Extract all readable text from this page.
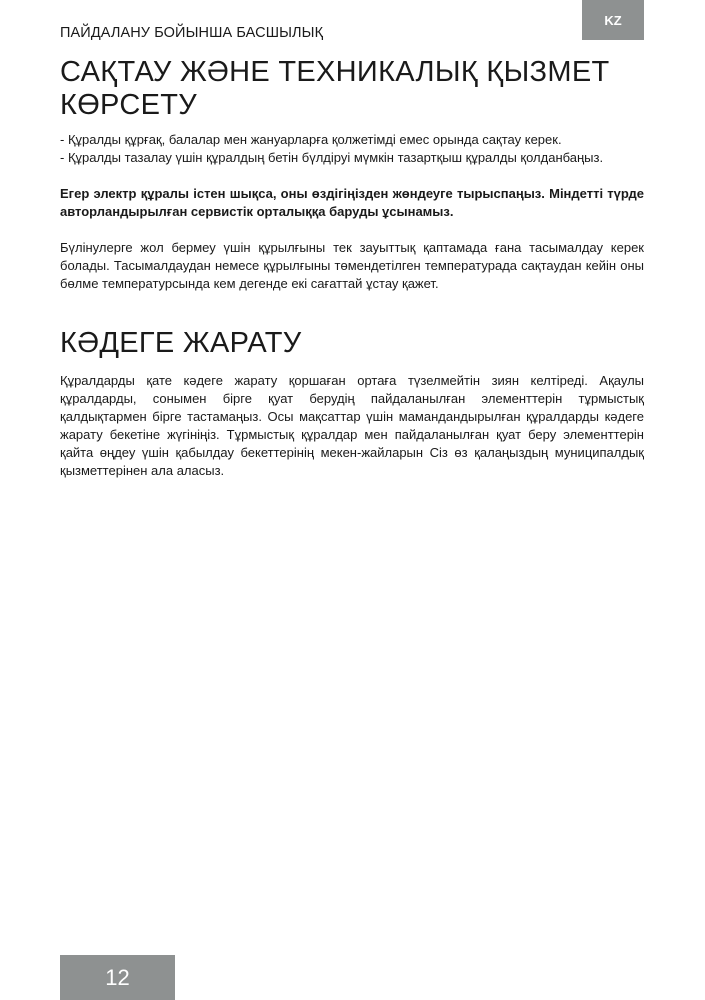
ПАЙДАЛАНУ БОЙЫНША БАСШЫЛЫҚ
KZ
САҚТАУ ЖӘНЕ ТЕХНИКАЛЫҚ ҚЫЗМЕТ
КӨРСЕТУ

- Құралды құрғақ, балалар мен жануарларға қолжетімді емес орында сақтау керек.

- Құралды тазалау үшін құралдың бетін бүлдіруі мүмкін тазартқыш құралды қолданбаңыз.

Егер электр құралы істен шықса, оны өздігіңізден жөндеуге тырыспаңыз. Міндетті түрде авторландырылған сервистік орталыққа баруды ұсынамыз.

Бүлінулерге жол бермеу үшін құрылғыны тек зауыттық қаптамада ғана тасымалдау керек болады. Тасымалдаудан немесе құрылғыны төмендетілген температурада сақтаудан кейін оны бөлме температурсында кем дегенде екі сағаттай ұстау қажет.

КӘДЕГЕ ЖАРАТУ

Құралдарды қате кәдеге жарату қоршаған ортаға түзелмейтін зиян келтіреді. Ақаулы құралдарды, сонымен бірге қуат берудің пайдаланылған элементтерін тұрмыстық қалдықтармен бірге тастамаңыз. Осы мақсаттар үшін мамандандырылған құралдарды кәдеге жарату бекетіне жүгініңіз. Тұрмыстық құралдар мен пайдаланылған қуат беру элементтерін қайта өңдеу үшін қабылдау бекеттерінің мекен-жайларын Сіз өз қалаңыздың муниципалдық қызметтерінен ала аласыз.

12
